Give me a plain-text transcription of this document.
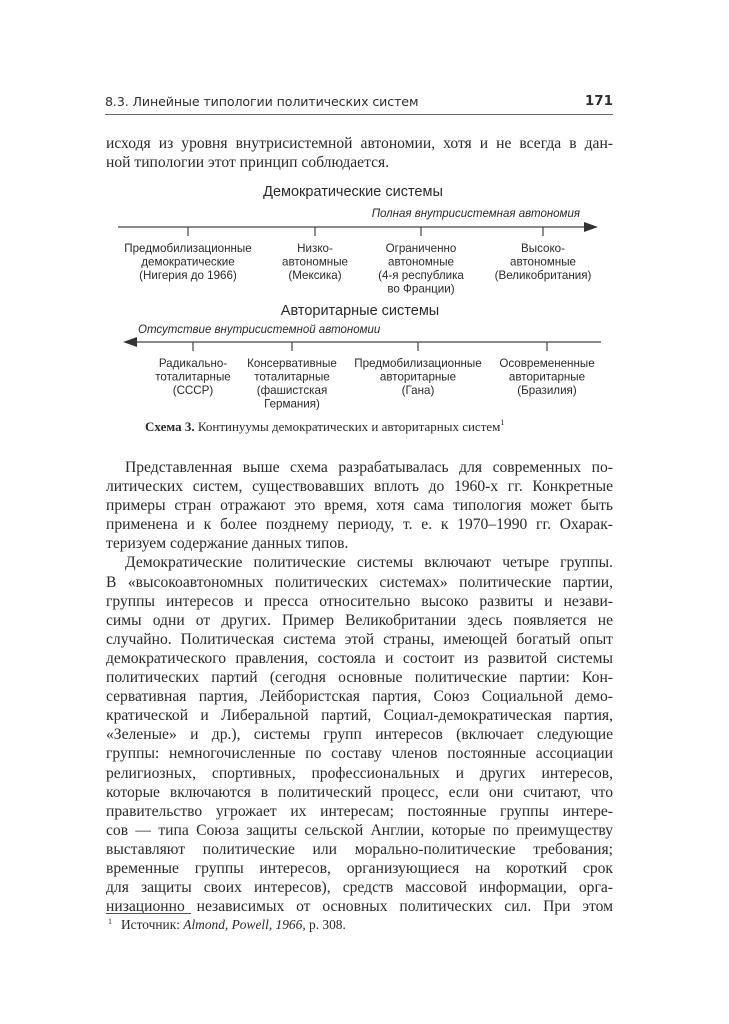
8.3. Линейные типологии политических систем	171
исходя из уровня внутрисистемной автономии, хотя и не всегда в дан-
ной типологии этот принцип соблюдается.
Демократические системы
Полная внутрисистемная автономия
Предмобилизационные
демократические
(Нигерия до 1966)
Низко-
автономные
(Мексика)
Ограниченно
автономные
(4-я республика
во Франции)
Высоко-
автономные
(Великобритания)
Авторитарные системы
Отсутствие внутрисистемной автономии
Радикально-
тоталитарные
(СССР)
Консервативные
тоталитарные
(фашистская
Германия)
Предмобилизационные
авторитарные
(Гана)
Осовремененные
авторитарные
(Бразилия)
Схема 3. Континуумы демократических и авторитарных систем$^1$
Представленная выше схема разрабатывалась для современных по-
литических систем, существовавших вплоть до 1960-х гг. Конкретные
примеры стран отражают это время, хотя сама типология может быть
применена и к более позднему периоду, т. е. к 1970–1990 гг. Охарак-
теризуем содержание данных типов.
Демократические политические системы включают четыре группы.
В «высокоавтономных политических системах» политические партии,
группы интересов и пресса относительно высоко развиты и незави-
симы одни от других. Пример Великобритании здесь появляется не
случайно. Политическая система этой страны, имеющей богатый опыт
демократического правления, состояла и состоит из развитой системы
политических партий (сегодня основные политические партии: Кон-
сервативная партия, Лейбористская партия, Союз Социальной демо-
кратической и Либеральной партий, Социал-демократическая партия,
«Зеленые» и др.), системы групп интересов (включает следующие
группы: немногочисленные по составу членов постоянные ассоциации
религиозных, спортивных, профессиональных и других интересов,
которые включаются в политический процесс, если они считают, что
правительство угрожает их интересам; постоянные группы интере-
сов — типа Союза защиты сельской Англии, которые по преимуществу
выставляют политические или морально-политические требования;
временные группы интересов, организующиеся на короткий срок
для защиты своих интересов), средств массовой информации, орга-
низационно независимых от основных политических сил. При этом
$^1$ Источник: Almond, Powell, 1966, p. 308.
